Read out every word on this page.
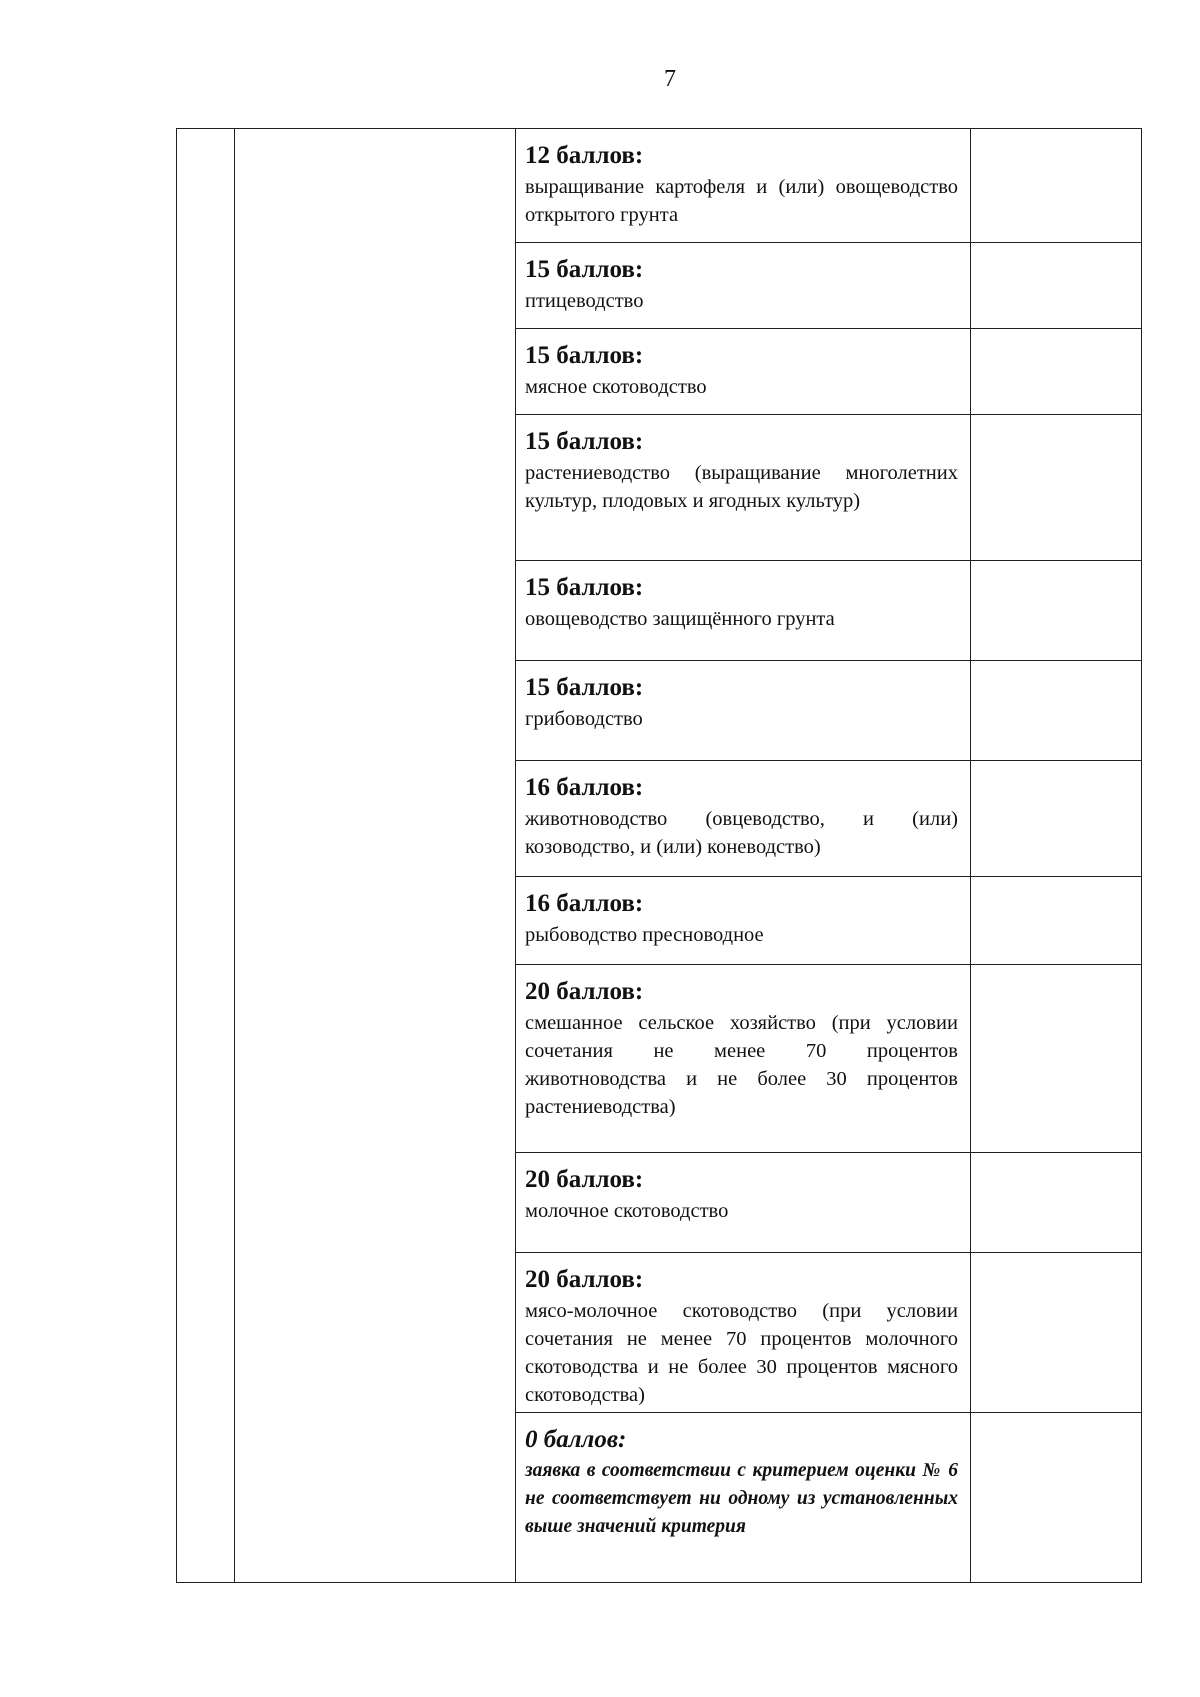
7
12 баллов:
выращивание картофеля и (или) овощеводство открытого грунта
15 баллов:
птицеводство
15 баллов:
мясное скотоводство
15 баллов:
растениеводство (выращивание многолетних культур, плодовых и ягодных культур)
15 баллов:
овощеводство защищённого грунта
15 баллов:
грибоводство
16 баллов:
животноводство (овцеводство, и (или) козоводство, и (или) коневодство)
16 баллов:
рыбоводство пресноводное
20 баллов:
смешанное сельское хозяйство (при условии сочетания не менее 70 процентов животноводства и не более 30 процентов растениеводства)
20 баллов:
молочное скотоводство
20 баллов:
мясо-молочное скотоводство (при условии сочетания не менее 70 процентов молочного скотоводства и не более 30 процентов мясного скотоводства)
0 баллов:
заявка в соответствии с критерием оценки № 6 не соответствует ни одному из установленных выше значений критерия
